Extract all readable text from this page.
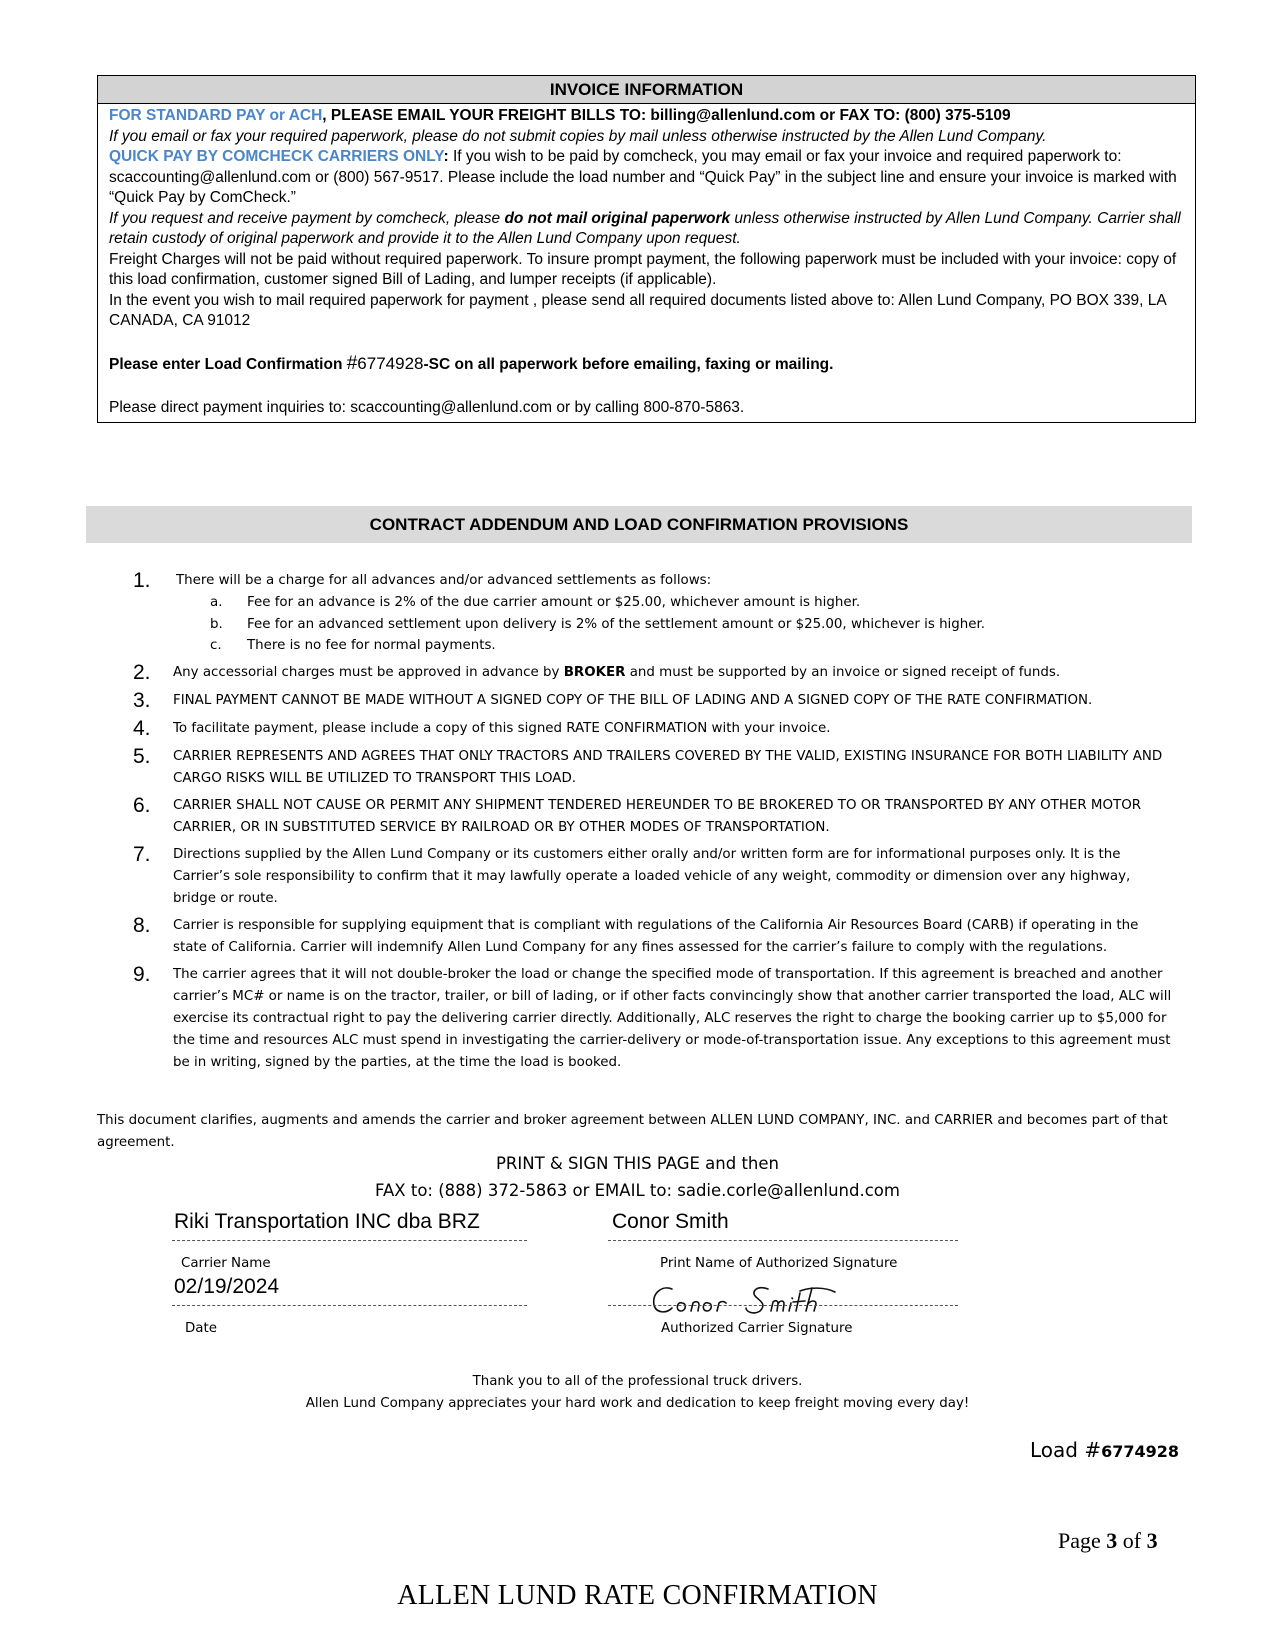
INVOICE INFORMATION
FOR STANDARD PAY or ACH, PLEASE EMAIL YOUR FREIGHT BILLS TO: billing@allenlund.com or FAX TO: (800) 375-5109
If you email or fax your required paperwork, please do not submit copies by mail unless otherwise instructed by the Allen Lund Company.
QUICK PAY BY COMCHECK CARRIERS ONLY: If you wish to be paid by comcheck, you may email or fax your invoice and required paperwork to: scaccounting@allenlund.com or (800) 567-9517. Please include the load number and “Quick Pay” in the subject line and ensure your invoice is marked with “Quick Pay by ComCheck.”
If you request and receive payment by comcheck, please do not mail original paperwork unless otherwise instructed by Allen Lund Company. Carrier shall retain custody of original paperwork and provide it to the Allen Lund Company upon request.
Freight Charges will not be paid without required paperwork. To insure prompt payment, the following paperwork must be included with your invoice: copy of this load confirmation, customer signed Bill of Lading, and lumper receipts (if applicable).
In the event you wish to mail required paperwork for payment , please send all required documents listed above to: Allen Lund Company, PO BOX 339, LA CANADA, CA 91012
Please enter Load Confirmation #6774928-SC on all paperwork before emailing, faxing or mailing.
Please direct payment inquiries to: scaccounting@allenlund.com or by calling 800-870-5863.
CONTRACT ADDENDUM AND LOAD CONFIRMATION PROVISIONS
1. There will be a charge for all advances and/or advanced settlements as follows:
a. Fee for an advance is 2% of the due carrier amount or $25.00, whichever amount is higher.
b. Fee for an advanced settlement upon delivery is 2% of the settlement amount or $25.00, whichever is higher.
c. There is no fee for normal payments.
2. Any accessorial charges must be approved in advance by BROKER and must be supported by an invoice or signed receipt of funds.
3. FINAL PAYMENT CANNOT BE MADE WITHOUT A SIGNED COPY OF THE BILL OF LADING AND A SIGNED COPY OF THE RATE CONFIRMATION.
4. To facilitate payment, please include a copy of this signed RATE CONFIRMATION with your invoice.
5. CARRIER REPRESENTS AND AGREES THAT ONLY TRACTORS AND TRAILERS COVERED BY THE VALID, EXISTING INSURANCE FOR BOTH LIABILITY AND CARGO RISKS WILL BE UTILIZED TO TRANSPORT THIS LOAD.
6. CARRIER SHALL NOT CAUSE OR PERMIT ANY SHIPMENT TENDERED HEREUNDER TO BE BROKERED TO OR TRANSPORTED BY ANY OTHER MOTOR CARRIER, OR IN SUBSTITUTED SERVICE BY RAILROAD OR BY OTHER MODES OF TRANSPORTATION.
7. Directions supplied by the Allen Lund Company or its customers either orally and/or written form are for informational purposes only. It is the Carrier’s sole responsibility to confirm that it may lawfully operate a loaded vehicle of any weight, commodity or dimension over any highway, bridge or route.
8. Carrier is responsible for supplying equipment that is compliant with regulations of the California Air Resources Board (CARB) if operating in the state of California. Carrier will indemnify Allen Lund Company for any fines assessed for the carrier’s failure to comply with the regulations.
9. The carrier agrees that it will not double-broker the load or change the specified mode of transportation. If this agreement is breached and another carrier’s MC# or name is on the tractor, trailer, or bill of lading, or if other facts convincingly show that another carrier transported the load, ALC will exercise its contractual right to pay the delivering carrier directly. Additionally, ALC reserves the right to charge the booking carrier up to $5,000 for the time and resources ALC must spend in investigating the carrier-delivery or mode-of-transportation issue. Any exceptions to this agreement must be in writing, signed by the parties, at the time the load is booked.
This document clarifies, augments and amends the carrier and broker agreement between ALLEN LUND COMPANY, INC. and CARRIER and becomes part of that agreement.
PRINT & SIGN THIS PAGE and then
FAX to: (888) 372-5863 or EMAIL to: sadie.corle@allenlund.com
Riki Transportation INC dba BRZ
Carrier Name
Conor Smith
Print Name of Authorized Signature
02/19/2024
Date	Authorized Carrier Signature
Thank you to all of the professional truck drivers.
Allen Lund Company appreciates your hard work and dedication to keep freight moving every day!
Load #6774928
Page 3 of 3
ALLEN LUND RATE CONFIRMATION
